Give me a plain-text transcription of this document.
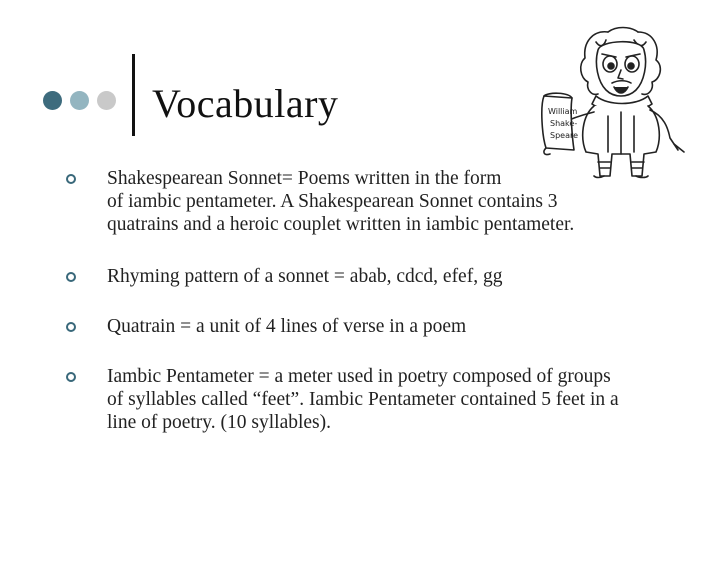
Vocabulary	William
Shake-
Speare
Shakespearean Sonnet= Poems written in the form
of iambic pentameter. A Shakespearean Sonnet contains 3
quatrains and a heroic couplet written in iambic pentameter.
Rhyming pattern of a sonnet = abab, cdcd, efef, gg
Quatrain = a unit of 4 lines of verse in a poem
Iambic Pentameter = a meter used in poetry composed of groups
of syllables called “feet”. Iambic Pentameter contained 5 feet in a
line of poetry. (10 syllables).
